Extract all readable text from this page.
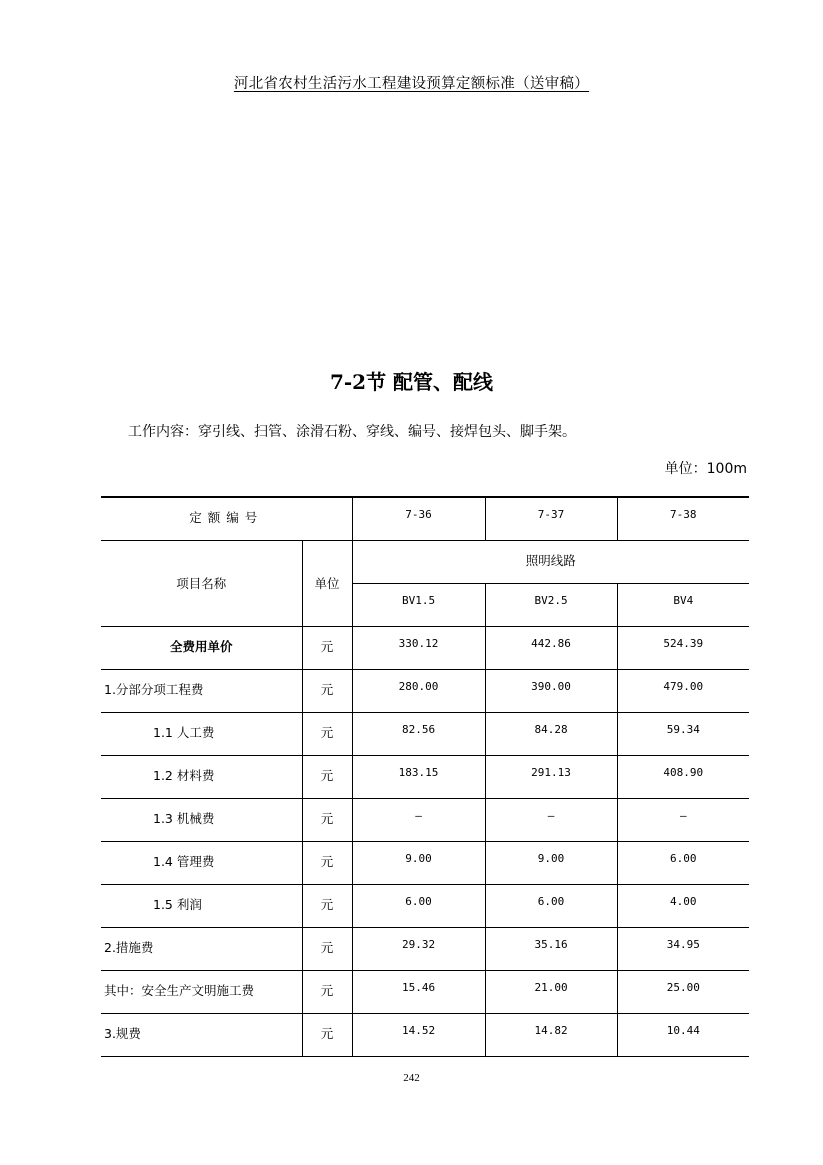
河北省农村生活污水工程建设预算定额标准（送审稿）
7-2节 配管、配线
工作内容：穿引线、扫管、涂滑石粉、穿线、编号、接焊包头、脚手架。
单位：100m
定额编号		7-36	7-37	7-38
项目名称	单位	照明线路		
		BV1.5	BV2.5	BV4
全费用单价	元	330.12	442.86	524.39
1.分部分项工程费	元	280.00	390.00	479.00
1.1 人工费	元	82.56	84.28	59.34
1.2 材料费	元	183.15	291.13	408.90
1.3 机械费	元	–	–	–
1.4 管理费	元	9.00	9.00	6.00
1.5 利润	元	6.00	6.00	4.00
2.措施费	元	29.32	35.16	34.95
其中：安全生产文明施工费	元	15.46	21.00	25.00
3.规费	元	14.52	14.82	10.44
242
